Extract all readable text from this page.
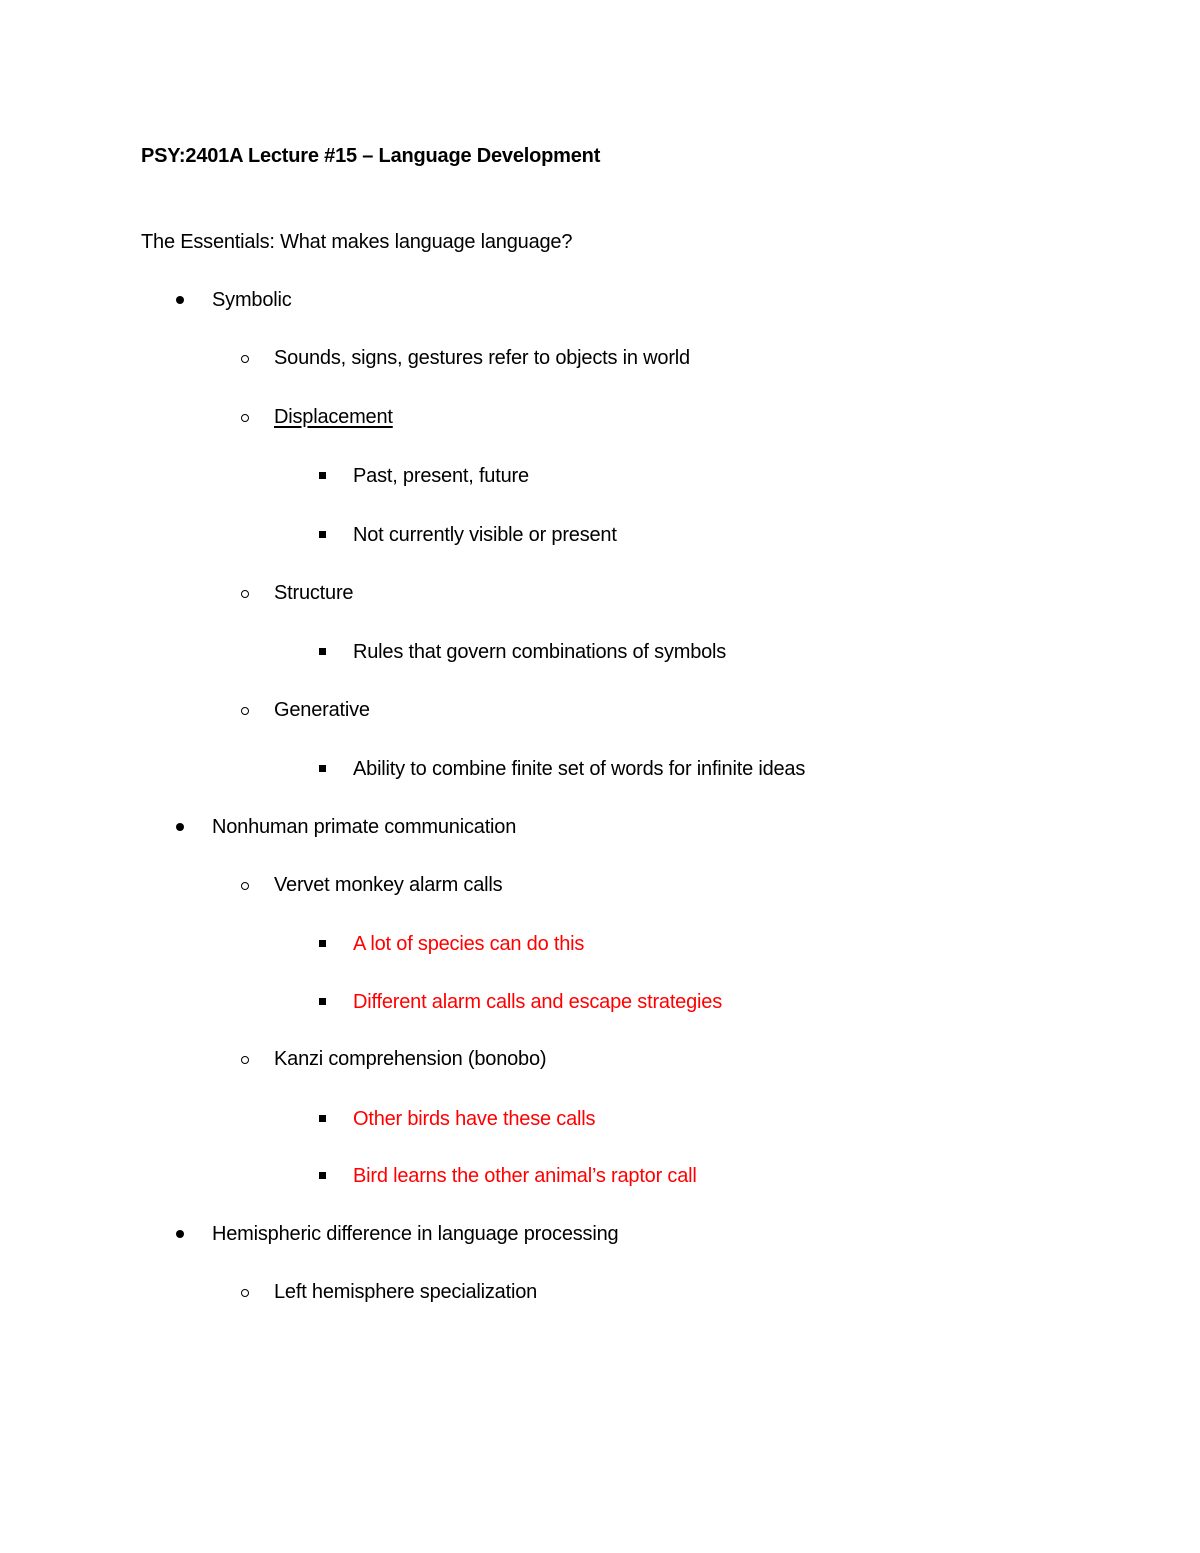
PSY:2401A Lecture #15 – Language Development
The Essentials: What makes language language?
Symbolic
Sounds, signs, gestures refer to objects in world
Displacement
Past, present, future
Not currently visible or present
Structure
Rules that govern combinations of symbols
Generative
Ability to combine finite set of words for infinite ideas
Nonhuman primate communication
Vervet monkey alarm calls
A lot of species can do this
Different alarm calls and escape strategies
Kanzi comprehension (bonobo)
Other birds have these calls
Bird learns the other animal’s raptor call
Hemispheric difference in language processing
Left hemisphere specialization
